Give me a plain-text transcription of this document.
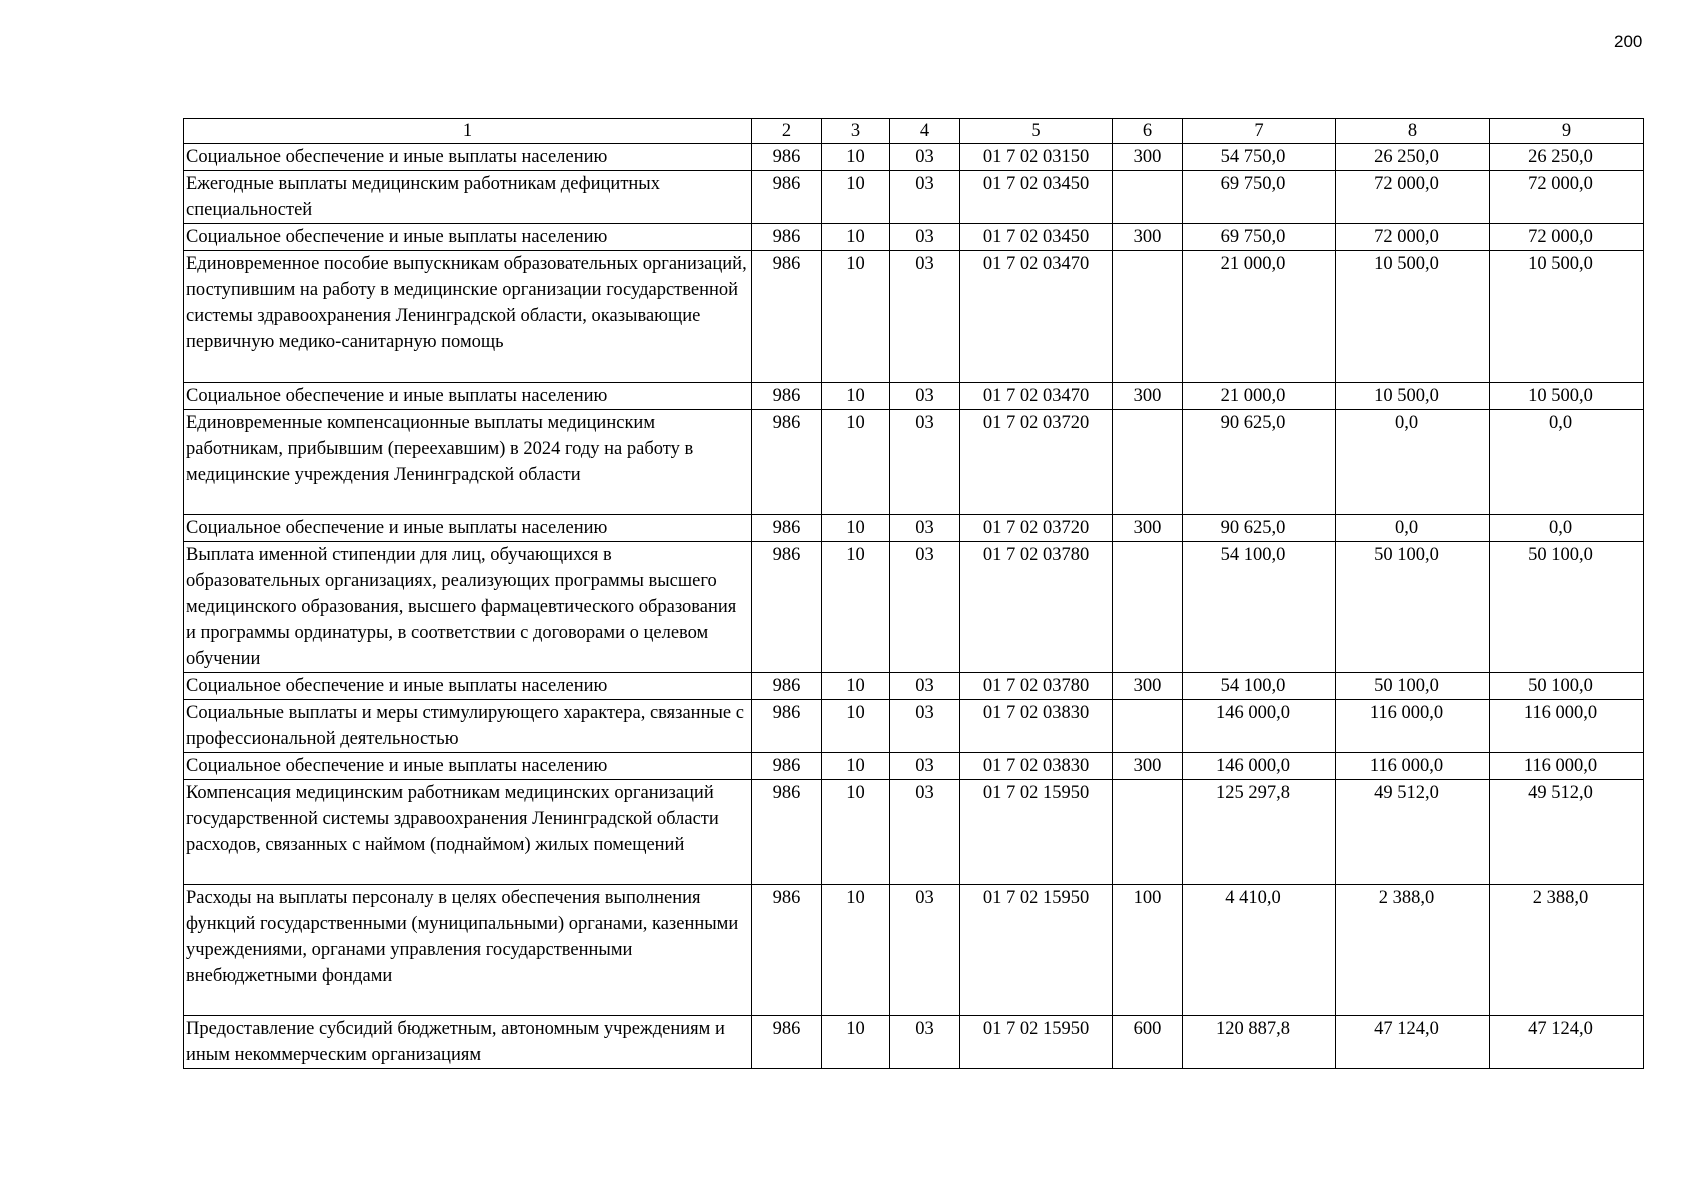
200
1	2	3	4	5	6	7	8	9
Социальное обеспечение и иные выплаты населению	986	10	03	01 7 02 03150	300	54 750,0	26 250,0	26 250,0
Ежегодные выплаты медицинским работникам дефицитных специальностей	986	10	03	01 7 02 03450		69 750,0	72 000,0	72 000,0
Социальное обеспечение и иные выплаты населению	986	10	03	01 7 02 03450	300	69 750,0	72 000,0	72 000,0
Единовременное пособие выпускникам образовательных организаций, поступившим на работу в медицинские организации государственной системы здравоохранения Ленинградской области, оказывающие первичную медико-санитарную помощь	986	10	03	01 7 02 03470		21 000,0	10 500,0	10 500,0
Социальное обеспечение и иные выплаты населению	986	10	03	01 7 02 03470	300	21 000,0	10 500,0	10 500,0
Единовременные компенсационные выплаты медицинским работникам, прибывшим (переехавшим) в 2024 году на работу в медицинские учреждения Ленинградской области	986	10	03	01 7 02 03720		90 625,0	0,0	0,0
Социальное обеспечение и иные выплаты населению	986	10	03	01 7 02 03720	300	90 625,0	0,0	0,0
Выплата именной стипендии для лиц, обучающихся в образовательных организациях, реализующих программы высшего медицинского образования, высшего фармацевтического образования и программы ординатуры, в соответствии с договорами о целевом обучении	986	10	03	01 7 02 03780		54 100,0	50 100,0	50 100,0
Социальное обеспечение и иные выплаты населению	986	10	03	01 7 02 03780	300	54 100,0	50 100,0	50 100,0
Социальные выплаты и меры стимулирующего характера, связанные с профессиональной деятельностью	986	10	03	01 7 02 03830		146 000,0	116 000,0	116 000,0
Социальное обеспечение и иные выплаты населению	986	10	03	01 7 02 03830	300	146 000,0	116 000,0	116 000,0
Компенсация медицинским работникам медицинских организаций государственной системы здравоохранения Ленинградской области расходов, связанных с наймом (поднаймом) жилых помещений	986	10	03	01 7 02 15950		125 297,8	49 512,0	49 512,0
Расходы на выплаты персоналу в целях обеспечения выполнения функций государственными (муниципальными) органами, казенными учреждениями, органами управления государственными внебюджетными фондами	986	10	03	01 7 02 15950	100	4 410,0	2 388,0	2 388,0
Предоставление субсидий бюджетным, автономным учреждениям и иным некоммерческим организациям	986	10	03	01 7 02 15950	600	120 887,8	47 124,0	47 124,0
